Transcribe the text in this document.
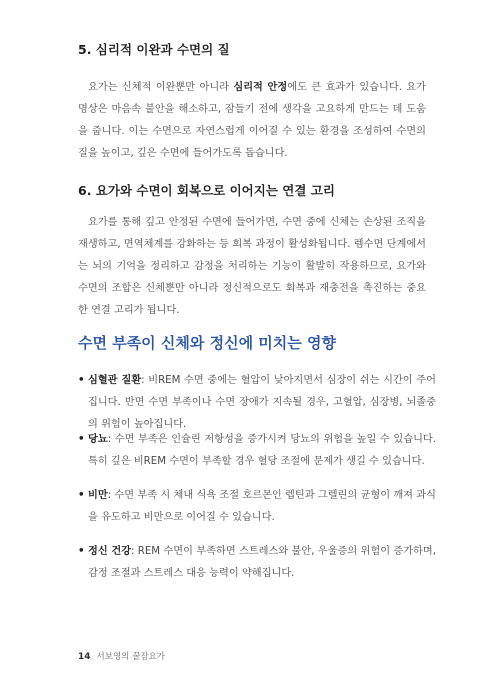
5. 심리적 이완과 수면의 질

요가는 신체적 이완뿐만 아니라 심리적 안정에도 큰 효과가 있습니다. 요가 명상은 마음속 불안을 해소하고, 잠들기 전에 생각을 고요하게 만드는 데 도움을 줍니다. 이는 수면으로 자연스럽게 이어질 수 있는 환경을 조성하여 수면의 질을 높이고, 깊은 수면에 들어가도록 돕습니다.

6. 요가와 수면이 회복으로 이어지는 연결 고리

요가를 통해 깊고 안정된 수면에 들어가면, 수면 중에 신체는 손상된 조직을 재생하고, 면역체계를 강화하는 등 회복 과정이 활성화됩니다. 렘수면 단계에서는 뇌의 기억을 정리하고 감정을 처리하는 기능이 활발히 작용하므로, 요가와 수면의 조합은 신체뿐만 아니라 정신적으로도 회복과 재충전을 촉진하는 중요한 연결 고리가 됩니다.

수면 부족이 신체와 정신에 미치는 영향

• 심혈관 질환: 비REM 수면 중에는 혈압이 낮아지면서 심장이 쉬는 시간이 주어집니다. 반면 수면 부족이나 수면 장애가 지속될 경우, 고혈압, 심장병, 뇌졸중의 위험이 높아집니다.

• 당뇨: 수면 부족은 인슐린 저항성을 증가시켜 당뇨의 위험을 높일 수 있습니다. 특히 깊은 비REM 수면이 부족할 경우 혈당 조절에 문제가 생길 수 있습니다.

• 비만: 수면 부족 시 체내 식욕 조절 호르몬인 렙틴과 그렐린의 균형이 깨져 과식을 유도하고 비만으로 이어질 수 있습니다.

• 정신 건강: REM 수면이 부족하면 스트레스와 불안, 우울증의 위험이 증가하며, 감정 조절과 스트레스 대응 능력이 약해집니다.

14 서보영의 꿀잠요가
